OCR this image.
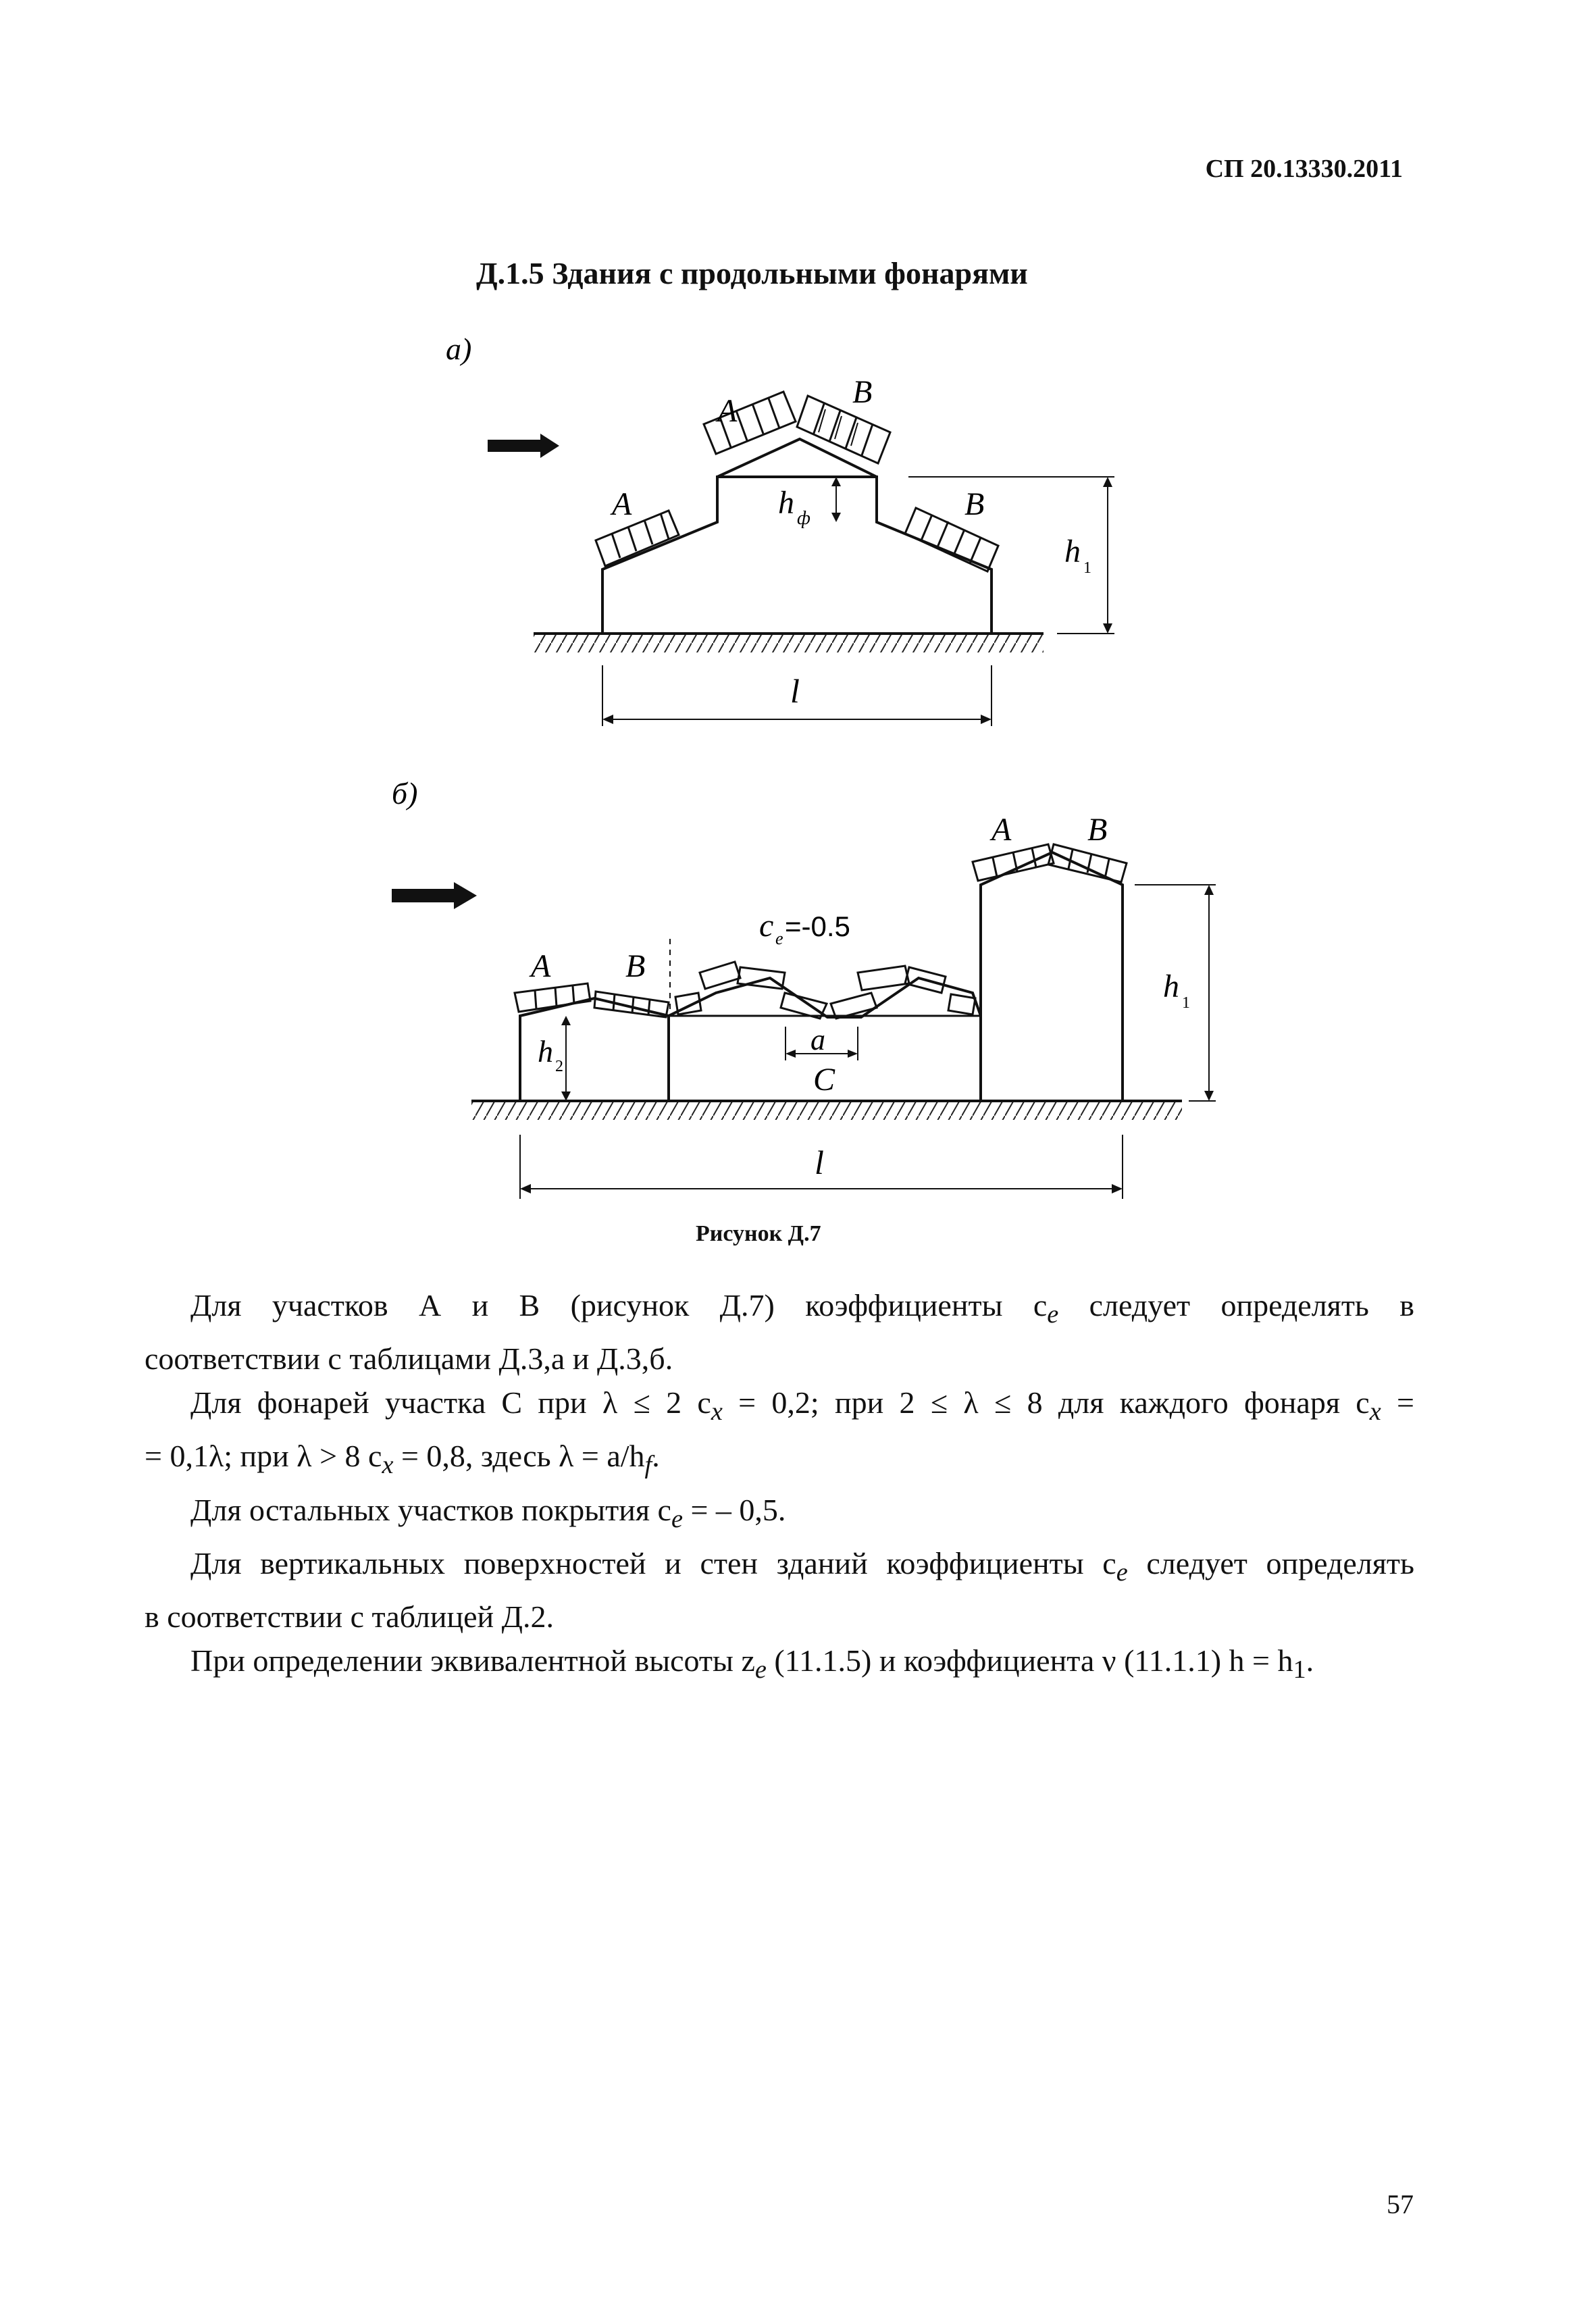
СП 20.13330.2011
Д.1.5 Здания с продольными фонарями
а)
A
B
A	B
h ф
h 1
l
б)
A B
A B
c e =-0.5
a
C
h 2
h 1
l
Рисунок Д.7

Для участков А и В (рисунок Д.7) коэффициенты $c_e$ следует определять в

соответствии с таблицами Д.3,а и Д.3,б.

Для фонарей участка C при λ ≤ 2 $c_x = 0,2$; при 2 ≤ λ ≤ 8 для каждого фонаря $c_x$ =

= 0,1λ; при λ > 8 $c_x = 0,8$, здесь $\lambda = a/h_f$.

Для остальных участков покрытия $c_e$ = – 0,5.

Для вертикальных поверхностей и стен зданий коэффициенты $c_e$ следует определять

в соответствии с таблицей Д.2.

При определении эквивалентной высоты $z_e$ (11.1.5) и коэффициента ν (11.1.1) $h = h_1$.

57
